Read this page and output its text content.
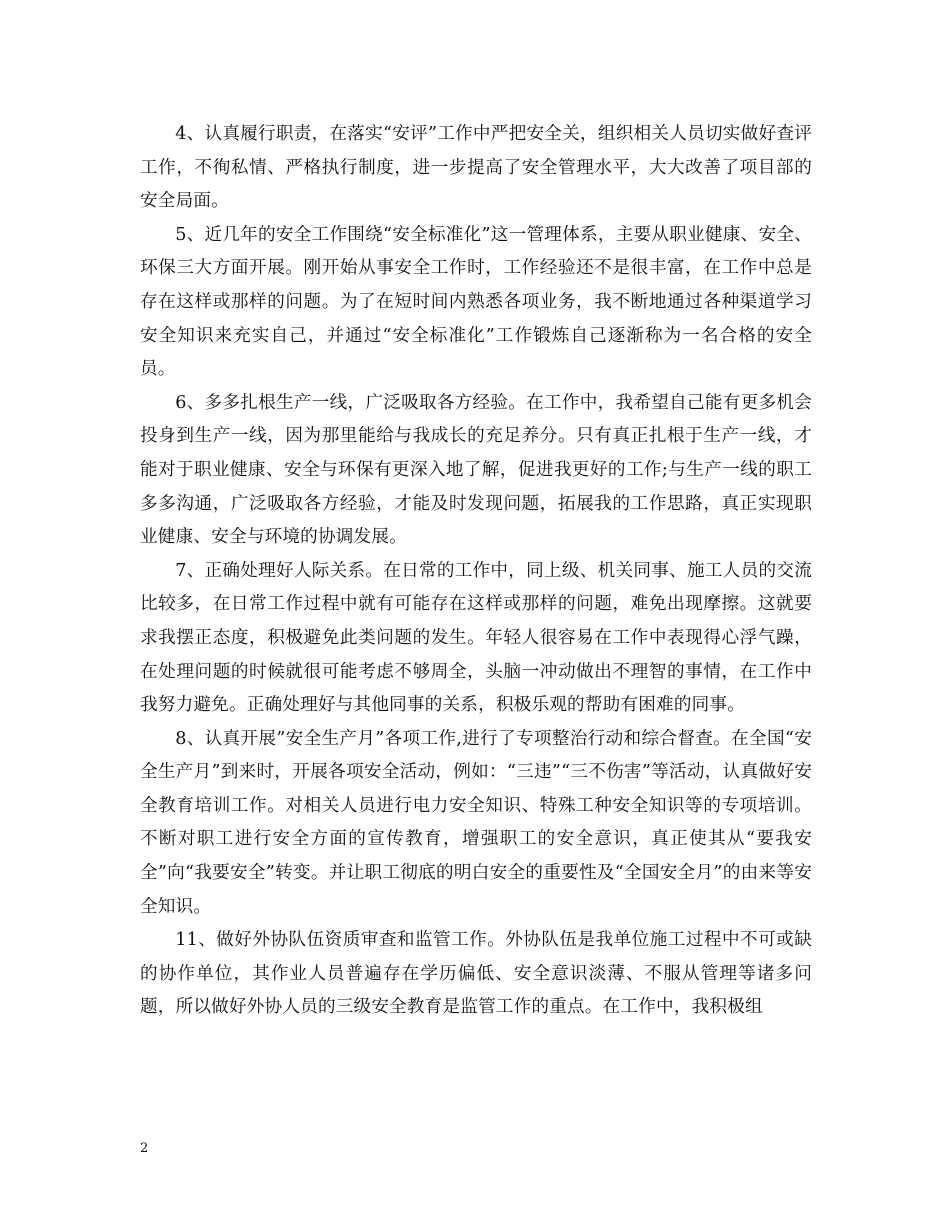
4、认真履行职责，在落实“安评”工作中严把安全关，组织相关人员切实做好查评工作，不徇私情、严格执行制度，进一步提高了安全管理水平，大大改善了项目部的安全局面。

5、近几年的安全工作围绕“安全标准化”这一管理体系，主要从职业健康、安全、环保三大方面开展。刚开始从事安全工作时，工作经验还不是很丰富，在工作中总是存在这样或那样的问题。为了在短时间内熟悉各项业务，我不断地通过各种渠道学习安全知识来充实自己，并通过“安全标准化”工作锻炼自己逐渐称为一名合格的安全员。

6、多多扎根生产一线，广泛吸取各方经验。在工作中，我希望自己能有更多机会投身到生产一线，因为那里能给与我成长的充足养分。只有真正扎根于生产一线，才能对于职业健康、安全与环保有更深入地了解，促进我更好的工作;与生产一线的职工多多沟通，广泛吸取各方经验，才能及时发现问题，拓展我的工作思路，真正实现职业健康、安全与环境的协调发展。

7、正确处理好人际关系。在日常的工作中，同上级、机关同事、施工人员的交流比较多，在日常工作过程中就有可能存在这样或那样的问题，难免出现摩擦。这就要求我摆正态度，积极避免此类问题的发生。年轻人很容易在工作中表现得心浮气躁，在处理问题的时候就很可能考虑不够周全，头脑一冲动做出不理智的事情，在工作中我努力避免。正确处理好与其他同事的关系，积极乐观的帮助有困难的同事。

8、认真开展”安全生产月”各项工作,进行了专项整治行动和综合督查。在全国“安全生产月”到来时，开展各项安全活动，例如：“三违”“三不伤害”等活动，认真做好安全教育培训工作。对相关人员进行电力安全知识、特殊工种安全知识等的专项培训。不断对职工进行安全方面的宣传教育，增强职工的安全意识，真正使其从“要我安全”向“我要安全”转变。并让职工彻底的明白安全的重要性及“全国安全月”的由来等安全知识。

11、做好外协队伍资质审查和监管工作。外协队伍是我单位施工过程中不可或缺的协作单位，其作业人员普遍存在学历偏低、安全意识淡薄、不服从管理等诸多问题，所以做好外协人员的三级安全教育是监管工作的重点。在工作中，我积极组

2
